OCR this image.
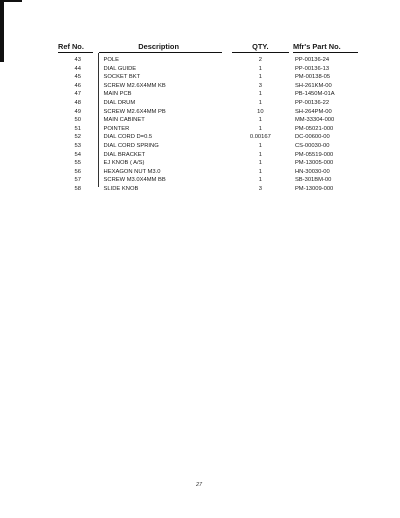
Ref No.	Description	QTY.	Mfr's Part No.
43	POLE	2	PP-00136-24
44	DIAL GUIDE	1	PP-00136-13
45	SOCKET BKT	1	PM-00138-05
46	SCREW M2.6X4MM KB	3	SH-261KM-00
47	MAIN PCB	1	PB-1450M-01A
48	DIAL DRUM	1	PP-00136-22
49	SCREW M2.6X4MM PB	10	SH-264PM-00
50	MAIN CABINET	1	MM-33304-000
51	POINTER	1	PM-05021-000
52	DIAL CORD D=0.5	0.00167	DC-00600-00
53	DIAL CORD SPRING	1	CS-00030-00
54	DIAL BRACKET	1	PM-05519-000
55	EJ KNOB ( A/S)	1	PM-13005-000
56	HEXAGON NUT M3.0	1	HN-30030-00
57	SCREW M3.0X4MM BB	1	SB-301BM-00
58	SLIDE KNOB	3	PM-13009-000
27
